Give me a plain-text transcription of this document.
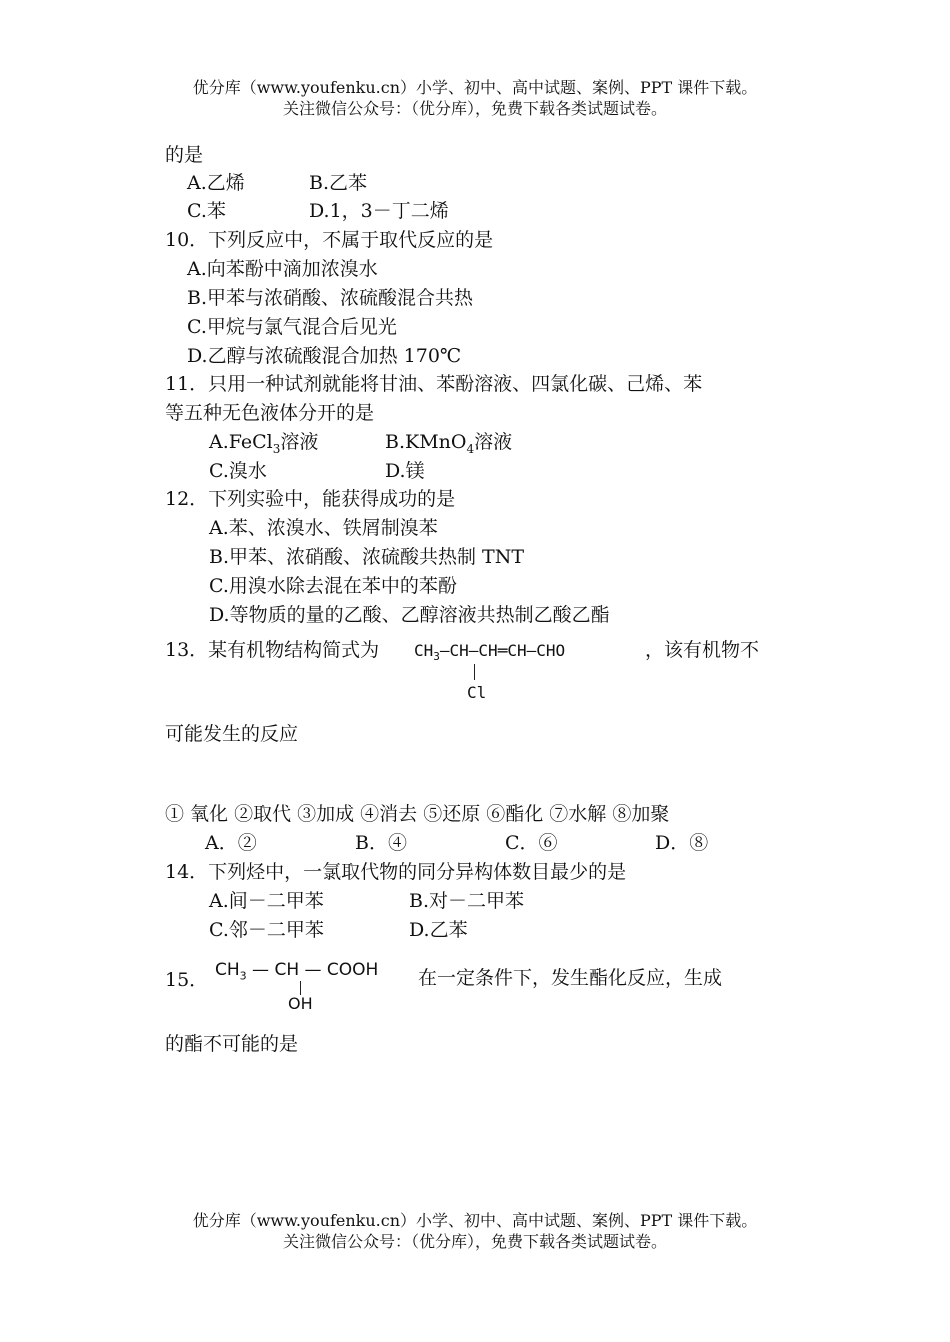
优分库（www.youfenku.cn）小学、初中、高中试题、案例、PPT 课件下载。
关注微信公众号：（优分库），免费下载各类试题试卷。
的是
A.乙烯	B.乙苯
C.苯	D.1，3－丁二烯
10．下列反应中，不属于取代反应的是
A.向苯酚中滴加浓溴水
B.甲苯与浓硝酸、浓硫酸混合共热
C.甲烷与氯气混合后见光
D.乙醇与浓硫酸混合加热 170℃
11．只用一种试剂就能将甘油、苯酚溶液、四氯化碳、己烯、苯
等五种无色液体分开的是
A.FeCl$_3$溶液	B.KMnO$_4$溶液
C.溴水	D.镁
12．下列实验中，能获得成功的是
A.苯、浓溴水、铁屑制溴苯
B.甲苯、浓硝酸、浓硫酸共热制 TNT
C.用溴水除去混在苯中的苯酚
D.等物质的量的乙酸、乙醇溶液共热制乙酸乙酯
13．某有机物结构简式为 $CH_3—CH—CH═CH—CHO$	，该有机物不
Cl
可能发生的反应
① 氧化 ②取代 ③加成 ④消去 ⑤还原 ⑥酯化 ⑦水解 ⑧加聚
A．②	B．④	C．⑥	D．⑧
14．下列烃中，一氯取代物的同分异构体数目最少的是
A.间－二甲苯	B.对－二甲苯
C.邻－二甲苯	D.乙苯
15． $CH_3$ — CH — COOH
OH
在一定条件下，发生酯化反应，生成
的酯不可能的是
优分库（www.youfenku.cn）小学、初中、高中试题、案例、PPT 课件下载。
关注微信公众号：（优分库），免费下载各类试题试卷。
